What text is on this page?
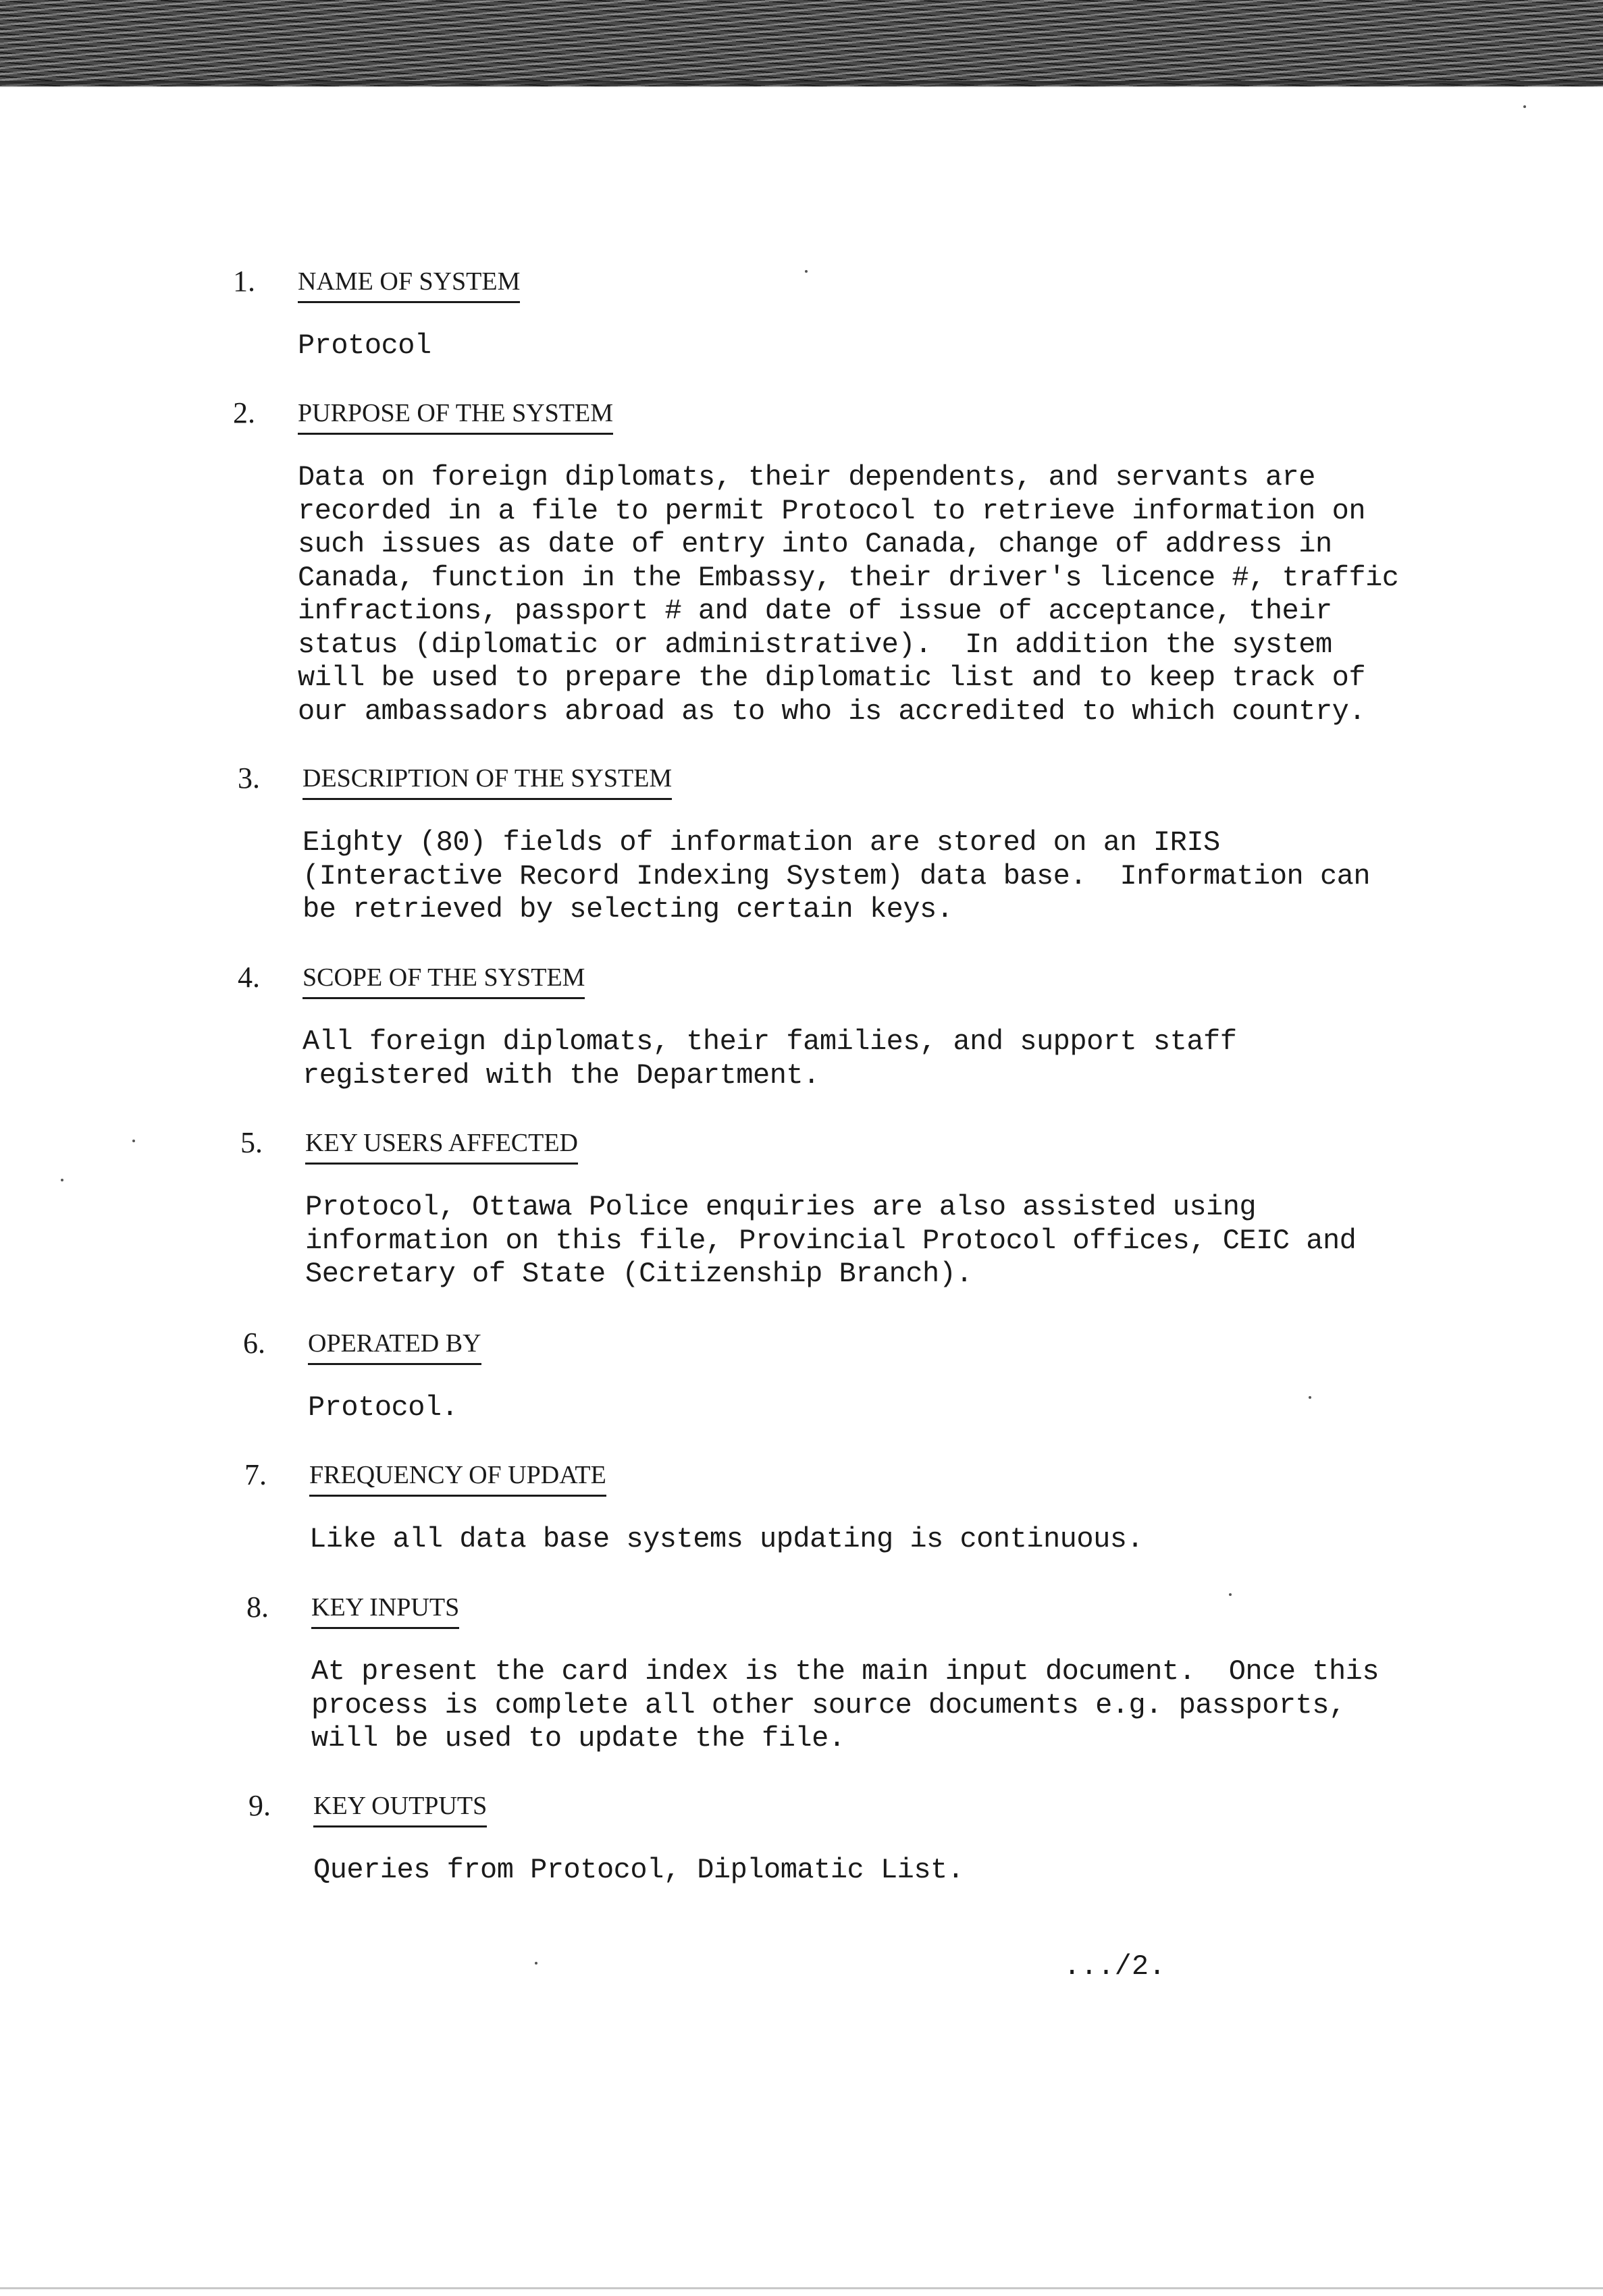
1. NAME OF SYSTEM
Protocol
2. PURPOSE OF THE SYSTEM
Data on foreign diplomats, their dependents, and servants are
recorded in a file to permit Protocol to retrieve information on
such issues as date of entry into Canada, change of address in
Canada, function in the Embassy, their driver's licence #, traffic
infractions, passport # and date of issue of acceptance, their
status (diplomatic or administrative).  In addition the system
will be used to prepare the diplomatic list and to keep track of
our ambassadors abroad as to who is accredited to which country.
3. DESCRIPTION OF THE SYSTEM
Eighty (80) fields of information are stored on an IRIS
(Interactive Record Indexing System) data base.  Information can
be retrieved by selecting certain keys.
4. SCOPE OF THE SYSTEM
All foreign diplomats, their families, and support staff
registered with the Department.
5. KEY USERS AFFECTED
Protocol, Ottawa Police enquiries are also assisted using
information on this file, Provincial Protocol offices, CEIC and
Secretary of State (Citizenship Branch).
6. OPERATED BY
Protocol.
7. FREQUENCY OF UPDATE
Like all data base systems updating is continuous.
8. KEY INPUTS
At present the card index is the main input document.  Once this
process is complete all other source documents e.g. passports,
will be used to update the file.
9. KEY OUTPUTS
Queries from Protocol, Diplomatic List.
.../2.
